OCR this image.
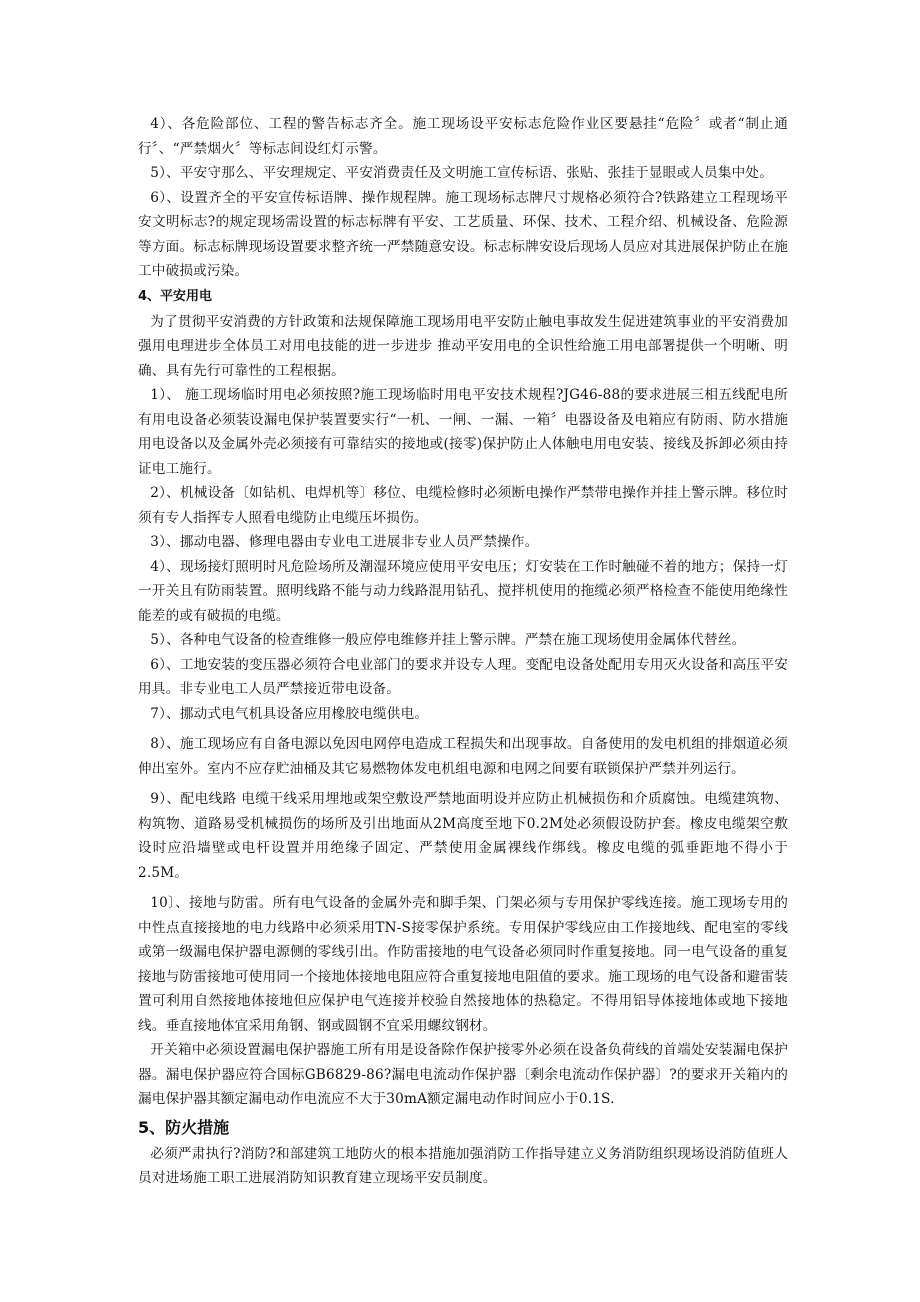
4）、各危险部位、工程的警告标志齐全。施工现场设平安标志危险作业区要悬挂“危险〞或者“制止通行〞、“严禁烟火〞等标志间设红灯示警。

5）、平安守那么、平安理规定、平安消费责任及文明施工宣传标语、张贴、张挂于显眼或人员集中处。

6）、设置齐全的平安宣传标语牌、操作规程牌。施工现场标志牌尺寸规格必须符合?铁路建立工程现场平安文明标志?的规定现场需设置的标志标牌有平安、工艺质量、环保、技术、工程介绍、机械设备、危险源等方面。标志标牌现场设置要求整齐统一严禁随意安设。标志标牌安设后现场人员应对其进展保护防止在施工中破损或污染。

4、平安用电

为了贯彻平安消费的方针政策和法规保障施工现场用电平安防止触电事故发生促进建筑事业的平安消费加强用电理进步全体员工对用电技能的进一步进步 推动平安用电的全识性给施工用电部署提供一个明晰、明确、具有先行可靠性的工程根据。

1）、 施工现场临时用电必须按照?施工现场临时用电平安技术规程?JG46-88的要求进展三相五线配电所有用电设备必须装设漏电保护装置要实行“一机、一闸、一漏、一箱〞电器设备及电箱应有防雨、防水措施用电设备以及金属外壳必须接有可靠结实的接地或(接零)保护防止人体触电用电安装、接线及拆卸必须由持证电工施行。

2）、机械设备〔如钻机、电焊机等〕移位、电缆检修时必须断电操作严禁带电操作并挂上警示牌。移位时须有专人指挥专人照看电缆防止电缆压坏损伤。

3）、挪动电器、修理电器由专业电工进展非专业人员严禁操作。

4）、现场接灯照明时凡危险场所及潮湿环境应使用平安电压；灯安装在工作时触碰不着的地方；保持一灯一开关且有防雨装置。照明线路不能与动力线路混用钻孔、搅拌机使用的拖缆必须严格检查不能使用绝缘性能差的或有破损的电缆。

5）、各种电气设备的检查维修一般应停电维修并挂上警示牌。严禁在施工现场使用金属体代替丝。

6）、工地安装的变压器必须符合电业部门的要求并设专人理。变配电设备处配用专用灭火设备和高压平安用具。非专业电工人员严禁接近带电设备。

7）、挪动式电气机具设备应用橡胶电缆供电。

8）、施工现场应有自备电源以免因电网停电造成工程损失和出现事故。自备使用的发电机组的排烟道必须伸出室外。室内不应存贮油桶及其它易燃物体发电机组电源和电网之间要有联锁保护严禁并列运行。

9）、配电线路 电缆干线采用埋地或架空敷设严禁地面明设并应防止机械损伤和介质腐蚀。电缆建筑物、构筑物、道路易受机械损伤的场所及引出地面从2M高度至地下0.2M处必须假设防护套。橡皮电缆架空敷设时应沿墙壁或电杆设置并用绝缘子固定、严禁使用金属裸线作绑线。橡皮电缆的弧垂距地不得小于2.5M。

10〕、接地与防雷。所有电气设备的金属外壳和脚手架、门架必须与专用保护零线连接。施工现场专用的中性点直接接地的电力线路中必须采用TN-S接零保护系统。专用保护零线应由工作接地线、配电室的零线或第一级漏电保护器电源侧的零线引出。作防雷接地的电气设备必须同时作重复接地。同一电气设备的重复接地与防雷接地可使用同一个接地体接地电阻应符合重复接地电阻值的要求。施工现场的电气设备和避雷装置可利用自然接地体接地但应保护电气连接并校验自然接地体的热稳定。不得用铝导体接地体或地下接地线。垂直接地体宜采用角钢、钢或圆钢不宜采用螺纹钢材。

开关箱中必须设置漏电保护器施工所有用是设备除作保护接零外必须在设备负荷线的首端处安装漏电保护器。漏电保护器应符合国标GB6829-86?漏电电流动作保护器〔剩余电流动作保护器〕?的要求开关箱内的漏电保护器其额定漏电动作电流应不大于30mA额定漏电动作时间应小于0.1S.

5、防火措施

必须严肃执行?消防?和部建筑工地防火的根本措施加强消防工作指导建立义务消防组织现场设消防值班人员对进场施工职工进展消防知识教育建立现场平安员制度。
